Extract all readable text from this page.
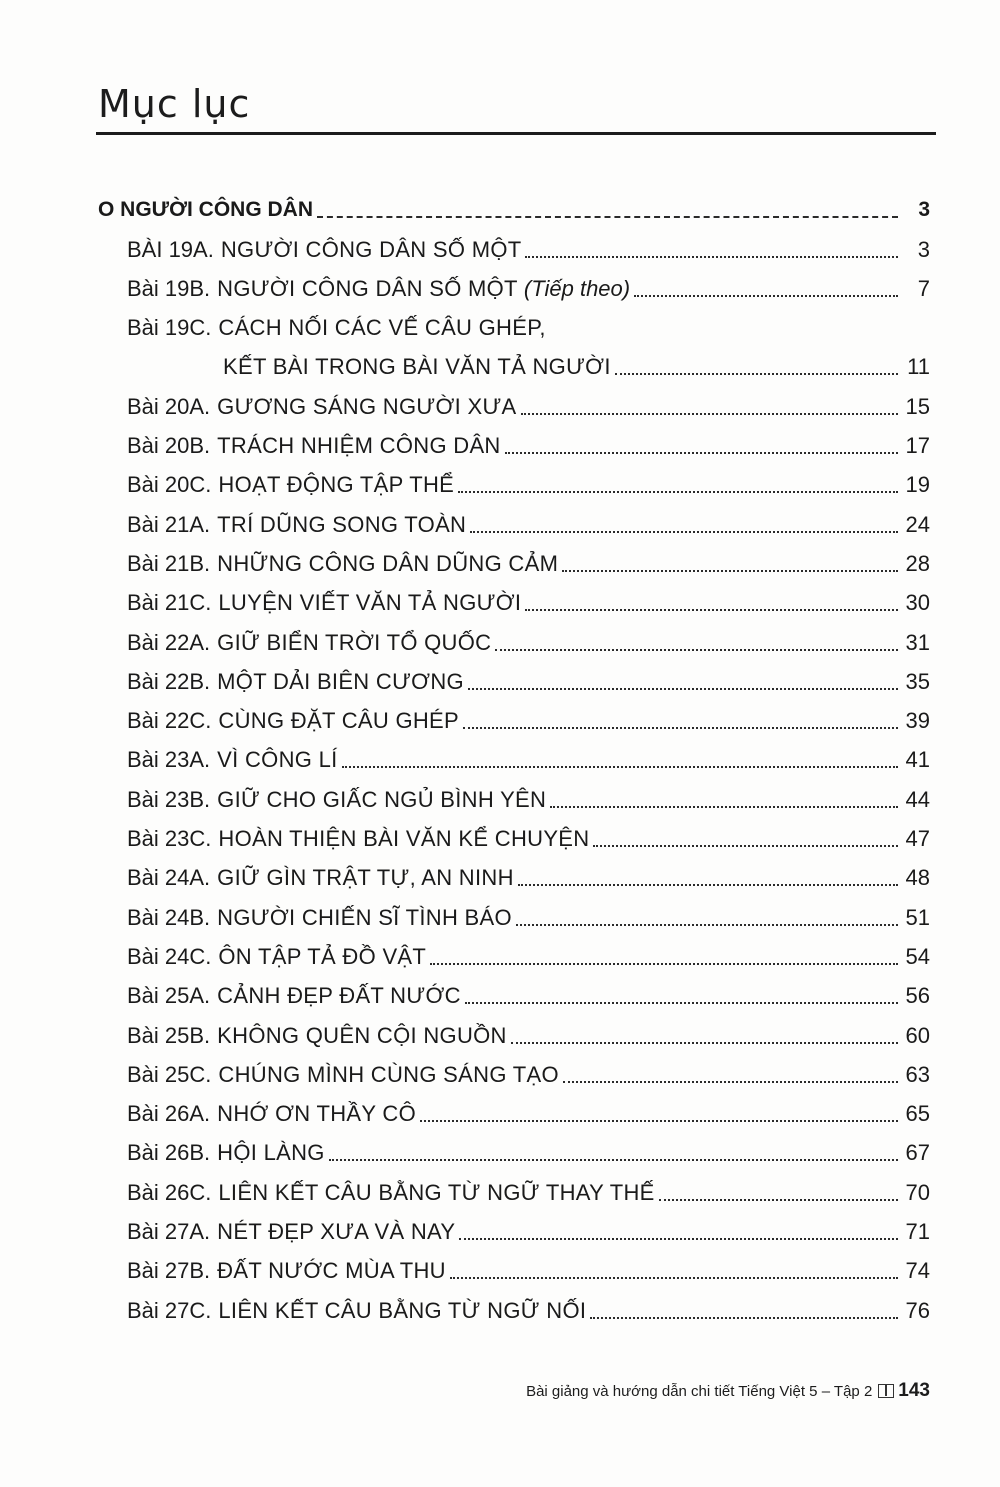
Mục lục
O NGƯỜI CÔNG DÂN	3
BÀI 19A. NGƯỜI CÔNG DÂN SỐ MỘT	3
Bài 19B. NGƯỜI CÔNG DÂN SỐ MỘT (Tiếp theo)	7
Bài 19C. CÁCH NỐI CÁC VẾ CÂU GHÉP,
KẾT BÀI TRONG BÀI VĂN TẢ NGƯỜI	11
Bài 20A. GƯƠNG SÁNG NGƯỜI XƯA	15
Bài 20B. TRÁCH NHIỆM CÔNG DÂN	17
Bài 20C. HOẠT ĐỘNG TẬP THỂ	19
Bài 21A. TRÍ DŨNG SONG TOÀN	24
Bài 21B. NHỮNG CÔNG DÂN DŨNG CẢM	28
Bài 21C. LUYỆN VIẾT VĂN TẢ NGƯỜI	30
Bài 22A. GIỮ BIỂN TRỜI TỔ QUỐC	31
Bài 22B. MỘT DẢI BIÊN CƯƠNG	35
Bài 22C. CÙNG ĐẶT CÂU GHÉP	39
Bài 23A. VÌ CÔNG LÍ	41
Bài 23B. GIỮ CHO GIẤC NGỦ BÌNH YÊN	44
Bài 23C. HOÀN THIỆN BÀI VĂN KỂ CHUYỆN	47
Bài 24A. GIỮ GÌN TRẬT TỰ, AN NINH	48
Bài 24B. NGƯỜI CHIẾN SĨ TÌNH BÁO	51
Bài 24C. ÔN TẬP TẢ ĐỒ VẬT	54
Bài 25A. CẢNH ĐẸP ĐẤT NƯỚC	56
Bài 25B. KHÔNG QUÊN CỘI NGUỒN	60
Bài 25C. CHÚNG MÌNH CÙNG SÁNG TẠO	63
Bài 26A. NHỚ ƠN THẦY CÔ	65
Bài 26B. HỘI LÀNG	67
Bài 26C. LIÊN KẾT CÂU BẰNG TỪ NGỮ THAY THẾ	70
Bài 27A. NÉT ĐẸP XƯA VÀ NAY	71
Bài 27B. ĐẤT NƯỚC MÙA THU	74
Bài 27C. LIÊN KẾT CÂU BẰNG TỪ NGỮ NỐI	76
Bài giảng và hướng dẫn chi tiết Tiếng Việt 5 – Tập 2 143
